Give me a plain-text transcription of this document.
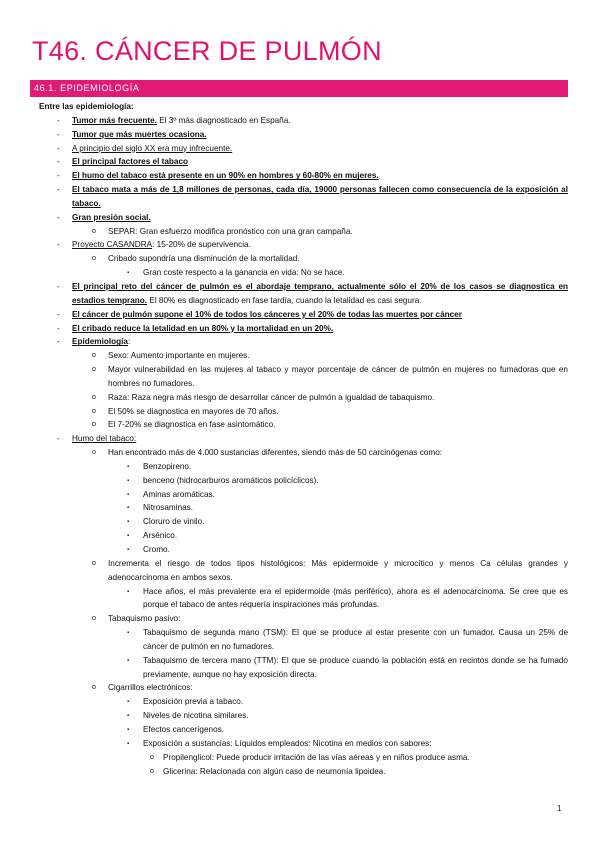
T46. CÁNCER DE PULMÓN
46.1. EPIDEMIOLOGÍA
Entre las epidemiología:
- Tumor más frecuente. El 3º más diagnosticado en España.
- Tumor que más muertes ocasiona.
- A principio del siglo XX era muy infrecuente.
- El principal factores el tabaco
- El humo del tabaco está presente en un 90% en hombres y 60-80% en mujeres.
- El tabaco mata a más de 1,8 millones de personas, cada día, 19000 personas fallecen como consecuencia de la exposición al tabaco.
- Gran presión social.
o SEPAR: Gran esfuerzo modifica pronóstico con una gran campaña.
- Proyecto CASANDRA: 15-20% de supervivencia.
o Cribado supondría una disminución de la mortalidad.
▪ Gran coste respecto a la ganancia en vida: No se hace.
- El principal reto del cáncer de pulmón es el abordaje temprano, actualmente sólo el 20% de los casos se diagnostica en estadios temprano. El 80% es diagnosticado en fase tardía, cuando la letalidad es casi segura.
- El cáncer de pulmón supone el 10% de todos los cánceres y el 20% de todas las muertes por cáncer
- El cribado reduce la letalidad en un 80% y la mortalidad en un 20%.
- Epidemiología:
o Sexo: Aumento importante en mujeres.
o Mayor vulnerabilidad en las mujeres al tabaco y mayor porcentaje de cáncer de pulmón en mujeres no fumadoras que en hombres no fumadores.
o Raza: Raza negra más riesgo de desarrollar cáncer de pulmón a igualdad de tabaquismo.
o El 50% se diagnostica en mayores de 70 años.
o El 7-20% se diagnostica en fase asintomático.
- Humo del tabaco:
o Han encontrado más de 4.000 sustancias diferentes, siendo más de 50 carcinógenas como:
▪ Benzopireno.
▪ benceno (hidrocarburos aromáticos policíclicos).
▪ Aminas aromáticas.
▪ Nitrosaminas.
▪ Cloruro de vinilo.
▪ Arsénico.
▪ Cromo.
o Incrementa el riesgo de todos tipos histológicos: Más epidermoide y microcítico y menos Ca células grandes y adenocarcinoma en ambos sexos.
▪ Hace años, el más prevalente era el epidermoide (más periférico), ahora es el adenocarcinoma. Se cree que es porque el tabaco de antes requería inspiraciones más profundas.
o Tabaquismo pasivo:
▪ Tabaquismo de segunda mano (TSM): El que se produce al estar presente con un fumador. Causa un 25% de cáncer de pulmón en no fumadores.
▪ Tabaquismo de tercera mano (TTM): El que se produce cuando la población está en recintos donde se ha fumado previamente, aunque no hay exposición directa.
o Cigarrillos electrónicos:
▪ Exposición previa a tabaco.
▪ Niveles de nicotina similares.
▪ Efectos cancerígenos.
▪ Exposición a sustancias: Líquidos empleados: Nicotina en medios con sabores:
o Propilenglicol: Puede producir irritación de las vías aéreas y en niños produce asma.
o Glicerina: Relacionada con algún caso de neumonía lipoidea.
1
